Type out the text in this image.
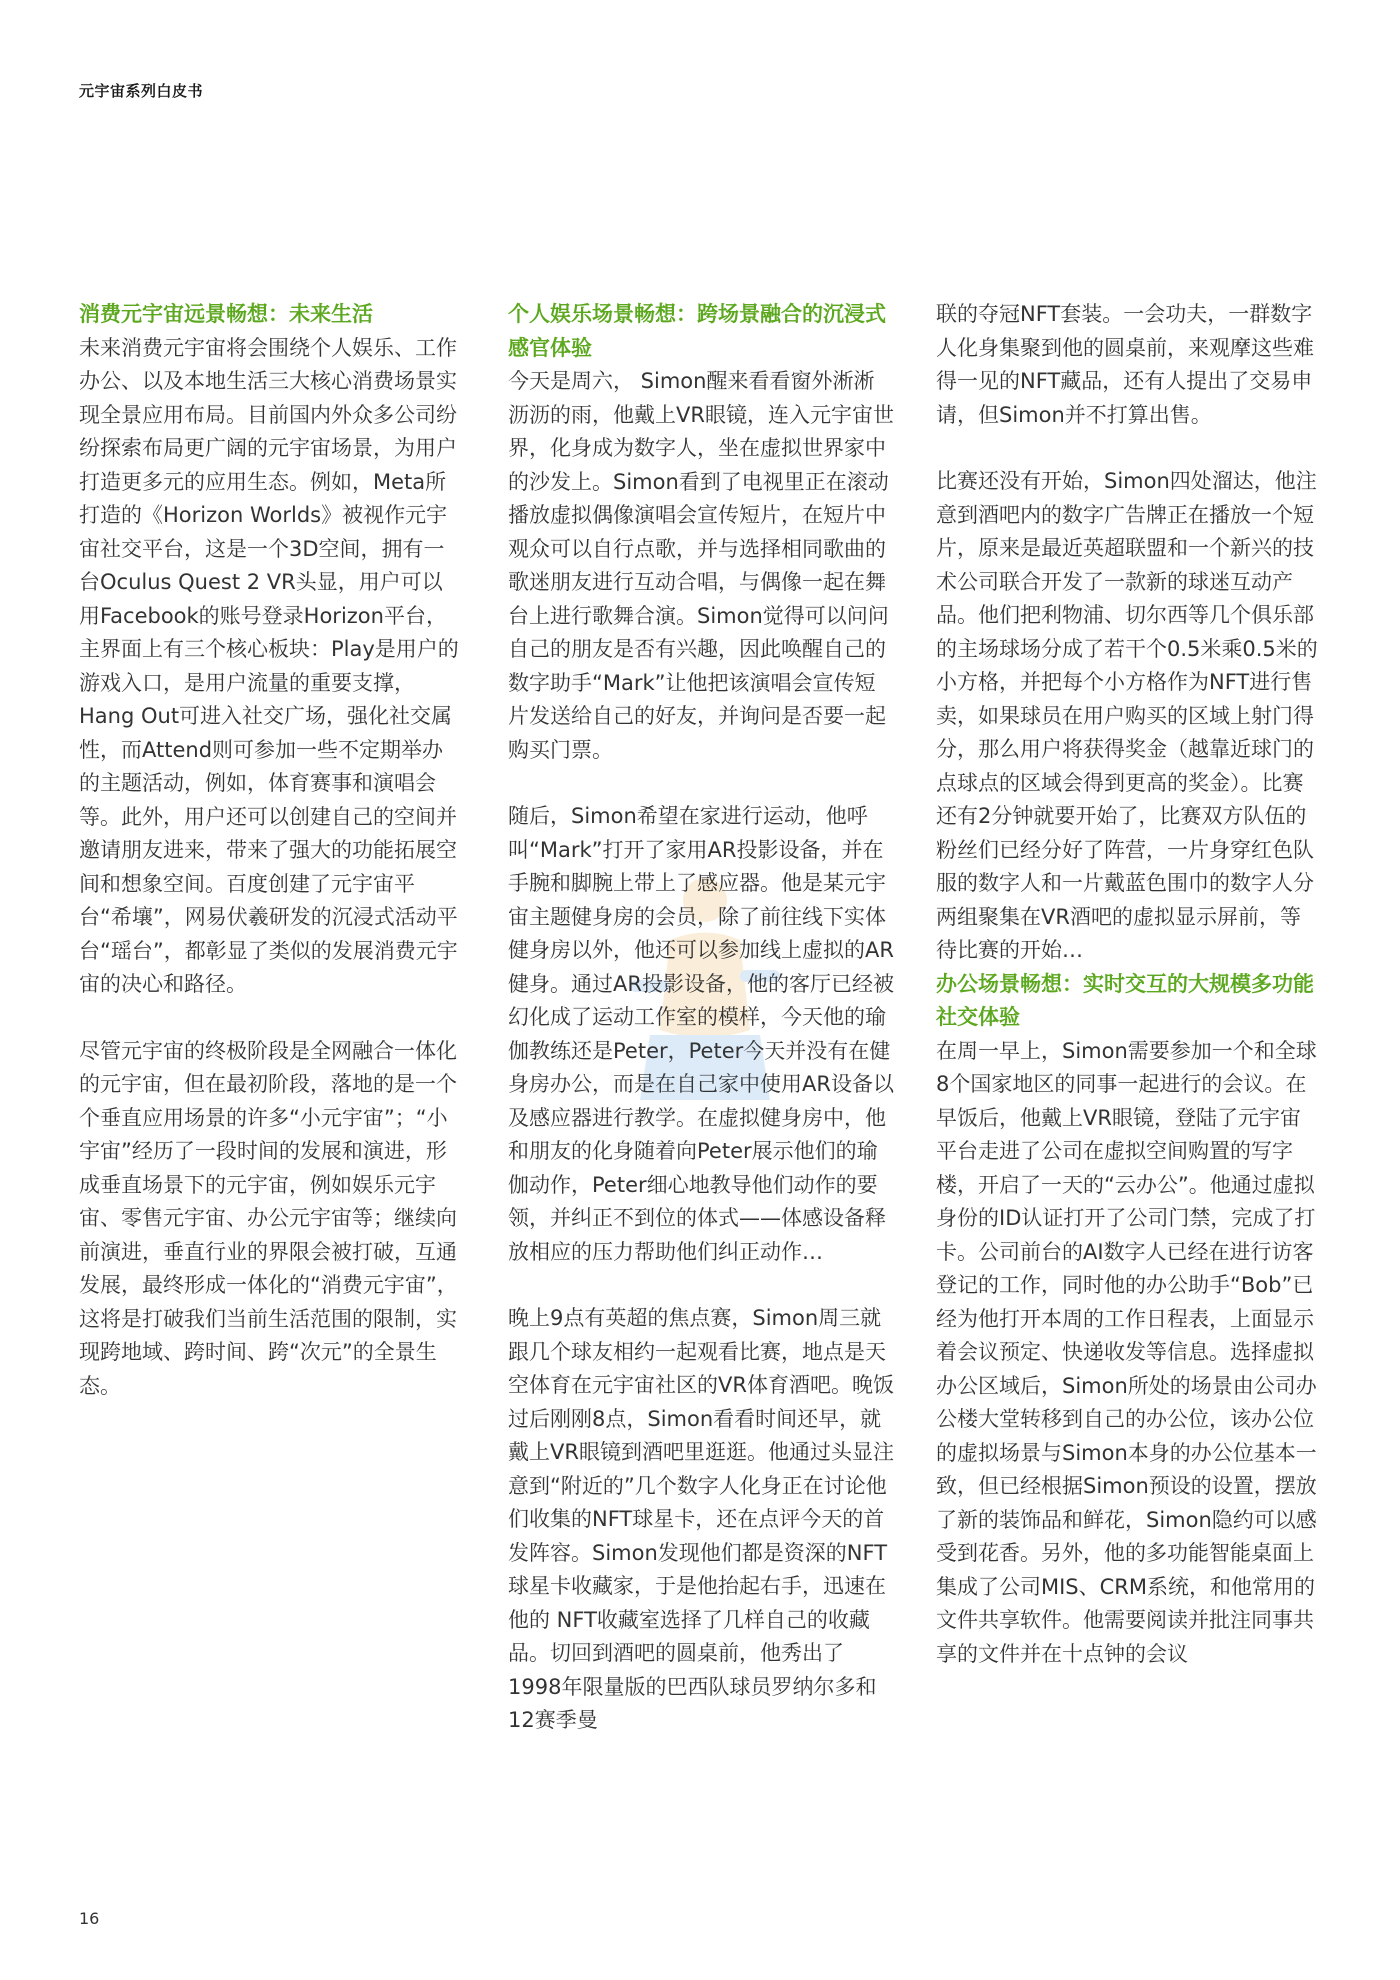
元宇宙系列白皮书

消费元宇宙远景畅想：未来生活

未来消费元宇宙将会围绕个人娱乐、工作办公、以及本地生活三大核心消费场景实现全景应用布局。目前国内外众多公司纷纷探索布局更广阔的元宇宙场景，为用户打造更多元的应用生态。例如，Meta所打造的《Horizon Worlds》被视作元宇宙社交平台，这是一个3D空间，拥有一台Oculus Quest 2 VR头显，用户可以用Facebook的账号登录Horizon平台，主界面上有三个核心板块：Play是用户的游戏入口，是用户流量的重要支撑，Hang Out可进入社交广场，强化社交属性，而Attend则可参加一些不定期举办的主题活动，例如，体育赛事和演唱会等。此外，用户还可以创建自己的空间并邀请朋友进来，带来了强大的功能拓展空间和想象空间。百度创建了元宇宙平台“希壤”，网易伏羲研发的沉浸式活动平台“瑶台”，都彰显了类似的发展消费元宇宙的决心和路径。

尽管元宇宙的终极阶段是全网融合一体化的元宇宙，但在最初阶段，落地的是一个个垂直应用场景的许多“小元宇宙”；“小宇宙”经历了一段时间的发展和演进，形成垂直场景下的元宇宙，例如娱乐元宇宙、零售元宇宙、办公元宇宙等；继续向前演进，垂直行业的界限会被打破，互通发展，最终形成一体化的“消费元宇宙”，这将是打破我们当前生活范围的限制，实现跨地域、跨时间、跨“次元”的全景生态。

个人娱乐场景畅想：跨场景融合的沉浸式感官体验

今天是周六， Simon醒来看看窗外淅淅沥沥的雨，他戴上VR眼镜，连入元宇宙世界，化身成为数字人，坐在虚拟世界家中的沙发上。Simon看到了电视里正在滚动播放虚拟偶像演唱会宣传短片，在短片中观众可以自行点歌，并与选择相同歌曲的歌迷朋友进行互动合唱，与偶像一起在舞台上进行歌舞合演。Simon觉得可以问问自己的朋友是否有兴趣，因此唤醒自己的数字助手“Mark”让他把该演唱会宣传短片发送给自己的好友，并询问是否要一起购买门票。

随后，Simon希望在家进行运动，他呼叫“Mark”打开了家用AR投影设备，并在手腕和脚腕上带上了感应器。他是某元宇宙主题健身房的会员，除了前往线下实体健身房以外，他还可以参加线上虚拟的AR健身。通过AR投影设备，他的客厅已经被幻化成了运动工作室的模样，今天他的瑜伽教练还是Peter，Peter今天并没有在健身房办公，而是在自己家中使用AR设备以及感应器进行教学。在虚拟健身房中，他和朋友的化身随着向Peter展示他们的瑜伽动作，Peter细心地教导他们动作的要领，并纠正不到位的体式——体感设备释放相应的压力帮助他们纠正动作…

晚上9点有英超的焦点赛，Simon周三就跟几个球友相约一起观看比赛，地点是天空体育在元宇宙社区的VR体育酒吧。晚饭过后刚刚8点，Simon看看时间还早，就戴上VR眼镜到酒吧里逛逛。他通过头显注意到“附近的”几个数字人化身正在讨论他们收集的NFT球星卡，还在点评今天的首发阵容。Simon发现他们都是资深的NFT球星卡收藏家，于是他抬起右手，迅速在他的 NFT收藏室选择了几样自己的收藏品。切回到酒吧的圆桌前，他秀出了1998年限量版的巴西队球员罗纳尔多和12赛季曼

联的夺冠NFT套装。一会功夫，一群数字人化身集聚到他的圆桌前，来观摩这些难得一见的NFT藏品，还有人提出了交易申请，但Simon并不打算出售。

比赛还没有开始，Simon四处溜达，他注意到酒吧内的数字广告牌正在播放一个短片，原来是最近英超联盟和一个新兴的技术公司联合开发了一款新的球迷互动产品。他们把利物浦、切尔西等几个俱乐部的主场球场分成了若干个0.5米乘0.5米的小方格，并把每个小方格作为NFT进行售卖，如果球员在用户购买的区域上射门得分，那么用户将获得奖金（越靠近球门的点球点的区域会得到更高的奖金）。比赛还有2分钟就要开始了，比赛双方队伍的粉丝们已经分好了阵营，一片身穿红色队服的数字人和一片戴蓝色围巾的数字人分两组聚集在VR酒吧的虚拟显示屏前，等待比赛的开始…

办公场景畅想：实时交互的大规模多功能社交体验

在周一早上，Simon需要参加一个和全球8个国家地区的同事一起进行的会议。在早饭后，他戴上VR眼镜，登陆了元宇宙平台走进了公司在虚拟空间购置的写字楼，开启了一天的“云办公”。他通过虚拟身份的ID认证打开了公司门禁，完成了打卡。公司前台的AI数字人已经在进行访客登记的工作，同时他的办公助手“Bob”已经为他打开本周的工作日程表，上面显示着会议预定、快递收发等信息。选择虚拟办公区域后，Simon所处的场景由公司办公楼大堂转移到自己的办公位，该办公位的虚拟场景与Simon本身的办公位基本一致，但已经根据Simon预设的设置，摆放了新的装饰品和鲜花，Simon隐约可以感受到花香。另外，他的多功能智能桌面上集成了公司MIS、CRM系统，和他常用的文件共享软件。他需要阅读并批注同事共享的文件并在十点钟的会议

16
